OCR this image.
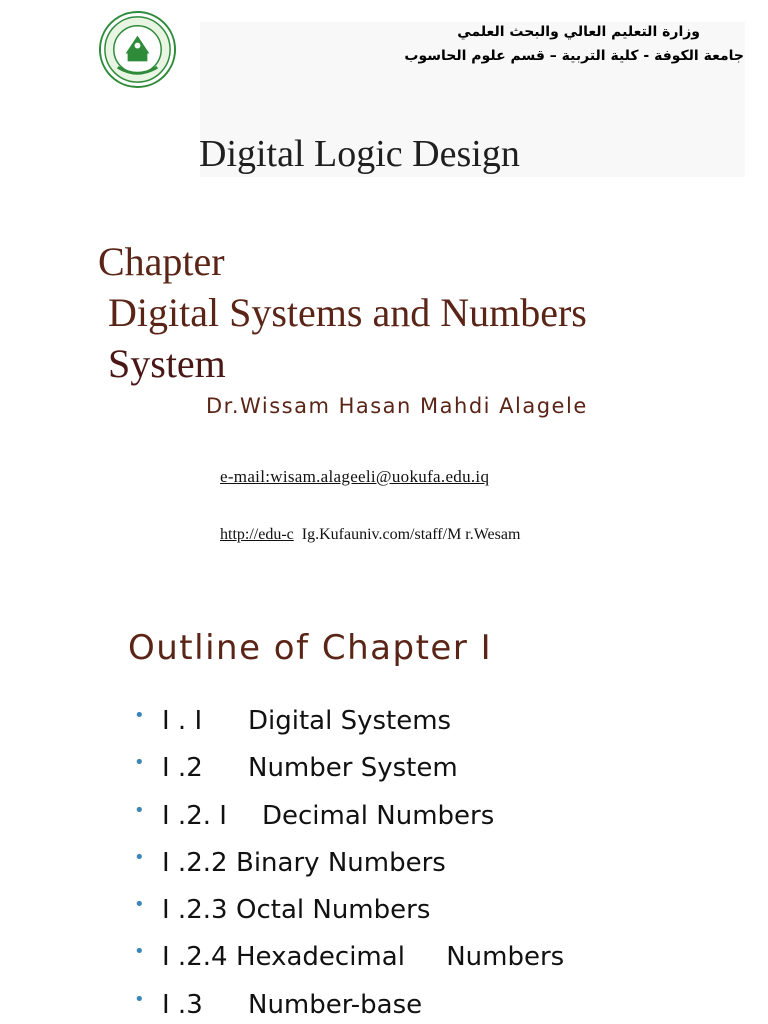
وزارة التعليم العالي والبحث العلمي
جامعة الكوفة - كلية التربية – قسم علوم الحاسوب
Digital Logic Design
Chapter
Digital Systems and Numbers
System
Dr.Wissam Hasan Mahdi Alagele
e-mail:wisam.alageeli@uokufa.edu.iq
http://edu-c Ig.Kufauniv.com/staff/M r.Wesam
Outline of Chapter I
• I . I Digital Systems
• I .2 Number System
• I .2. I Decimal Numbers
• I .2.2 Binary Numbers
• I .2.3 Octal Numbers
• I .2.4 Hexadecimal     Numbers
• I .3 Number-base
